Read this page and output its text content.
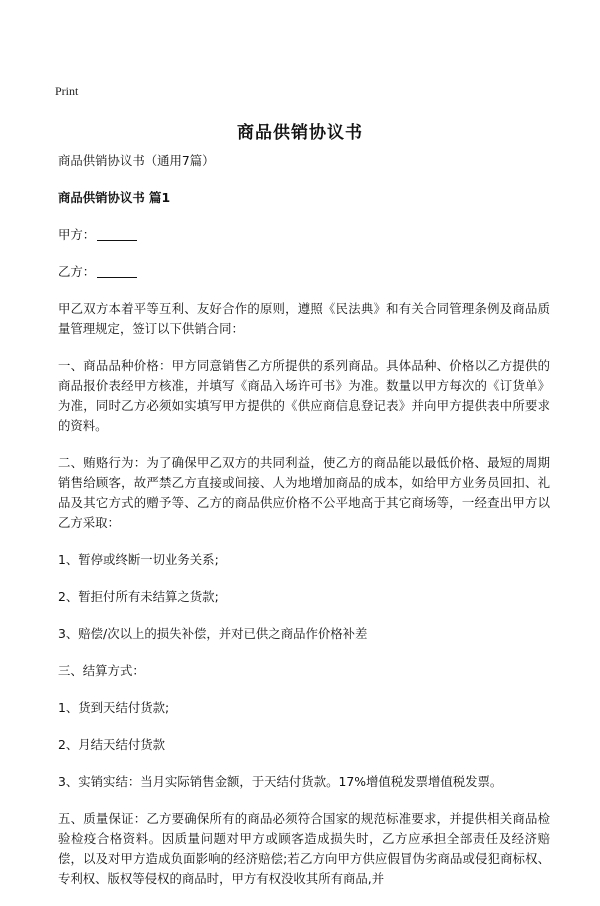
Print
商品供销协议书

商品供销协议书（通用7篇）

商品供销协议书 篇1

甲方：

乙方：

甲乙双方本着平等互利、友好合作的原则，遵照《民法典》和有关合同管理条例及商品质量管理规定，签订以下供销合同：

一、商品品种价格：甲方同意销售乙方所提供的系列商品。具体品种、价格以乙方提供的商品报价表经甲方核准，并填写《商品入场许可书》为准。数量以甲方每次的《订货单》为准，同时乙方必须如实填写甲方提供的《供应商信息登记表》并向甲方提供表中所要求的资料。

二、贿赂行为：为了确保甲乙双方的共同利益，使乙方的商品能以最低价格、最短的周期销售给顾客，故严禁乙方直接或间接、人为地增加商品的成本，如给甲方业务员回扣、礼品及其它方式的赠予等、乙方的商品供应价格不公平地高于其它商场等，一经查出甲方以乙方采取：

1、暂停或终断一切业务关系;

2、暂拒付所有未结算之货款;

3、赔偿/次以上的损失补偿，并对已供之商品作价格补差

三、结算方式：

1、货到天结付货款;

2、月结天结付货款

3、实销实结：当月实际销售金额，于天结付货款。17%增值税发票增值税发票。

五、质量保证：乙方要确保所有的商品必须符合国家的规范标准要求，并提供相关商品检验检疫合格资料。因质量问题对甲方或顾客造成损失时，乙方应承担全部责任及经济赔偿，以及对甲方造成负面影响的经济赔偿;若乙方向甲方供应假冒伪劣商品或侵犯商标权、专利权、版权等侵权的商品时，甲方有权没收其所有商品,并
